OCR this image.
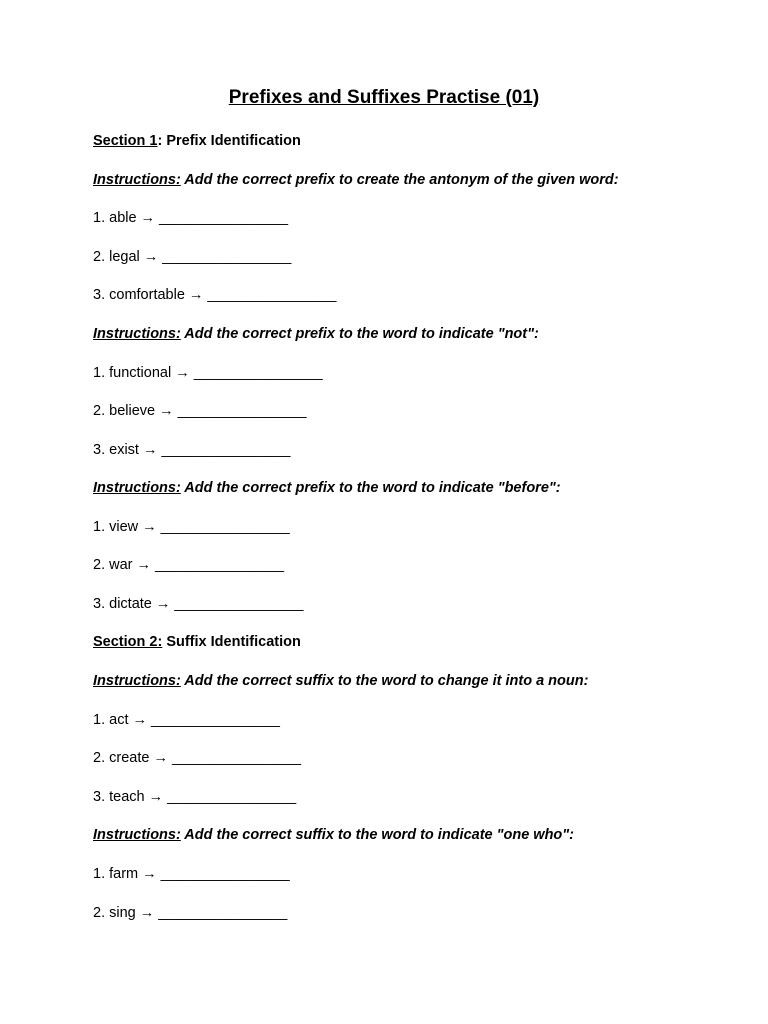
Prefixes and Suffixes Practise (01)
Section 1: Prefix Identification
Instructions: Add the correct prefix to create the antonym of the given word:
1. able → ________________
2. legal → ________________
3. comfortable → ________________
Instructions: Add the correct prefix to the word to indicate "not":
1. functional → ________________
2. believe → ________________
3. exist → ________________
Instructions: Add the correct prefix to the word to indicate "before":
1. view → ________________
2. war → ________________
3. dictate → ________________
Section 2: Suffix Identification
Instructions: Add the correct suffix to the word to change it into a noun:
1. act → ________________
2. create → ________________
3. teach → ________________
Instructions: Add the correct suffix to the word to indicate "one who":
1. farm → ________________
2. sing → ________________
